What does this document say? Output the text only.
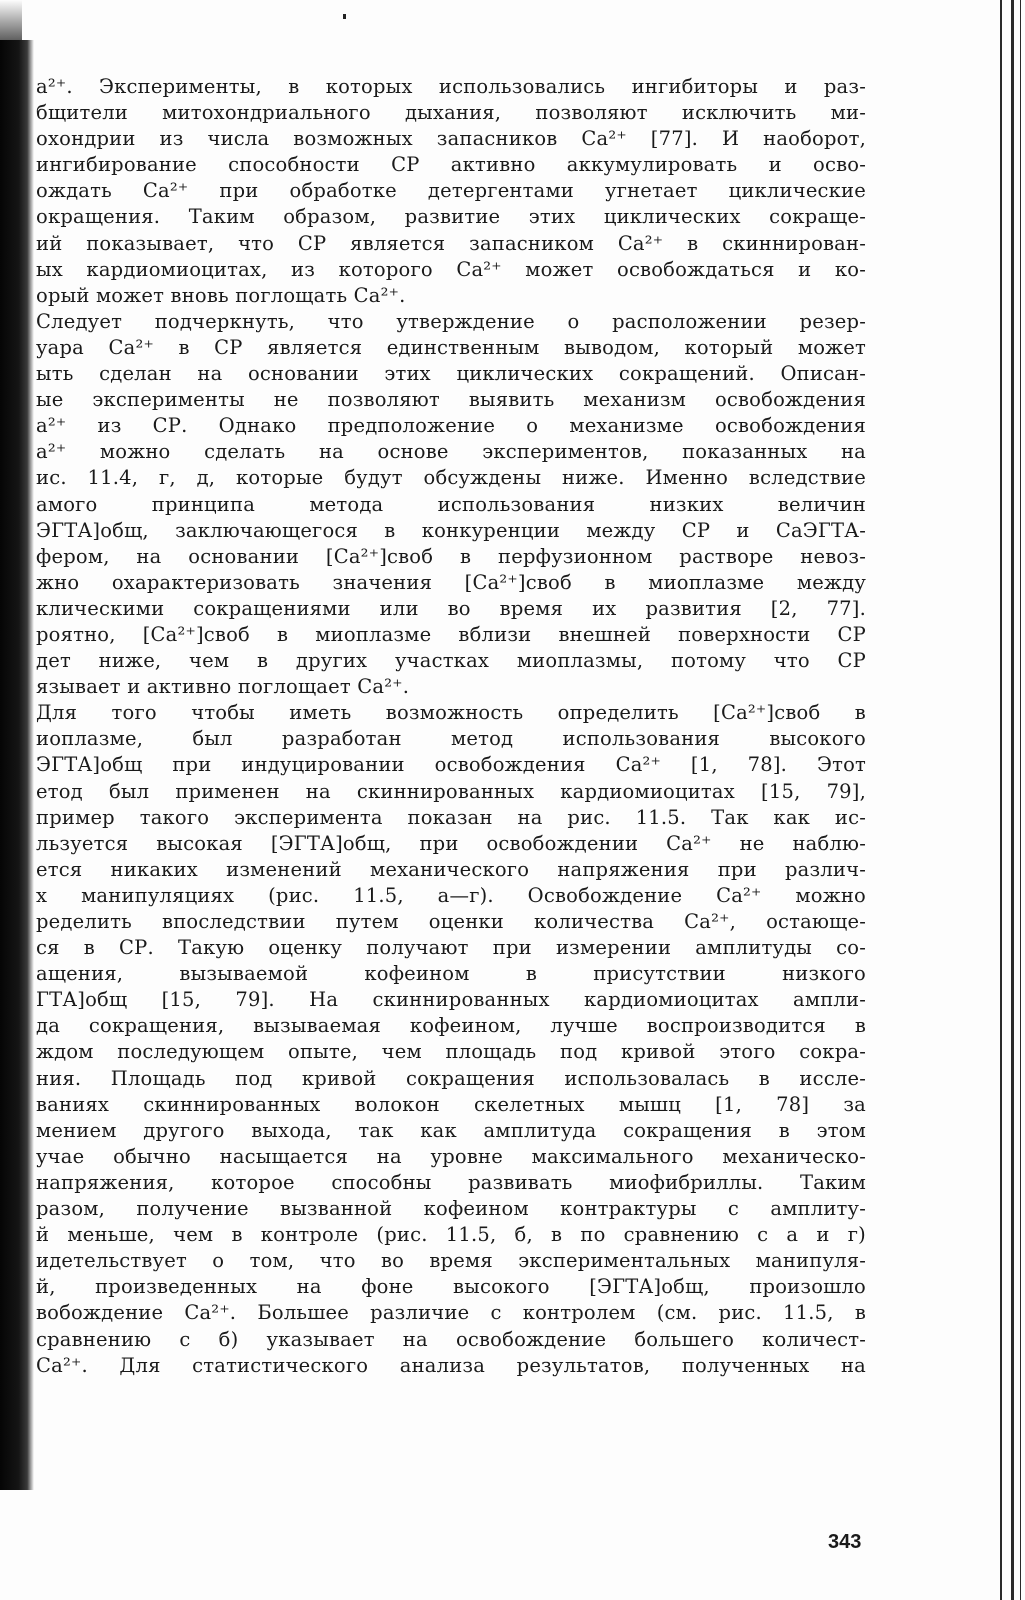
а²⁺. Эксперименты, в которых использовались ингибиторы и раз-
бщители митохондриального дыхания, позволяют исключить ми-
охондрии из числа возможных запасников Ca²⁺ [77]. И наоборот,
ингибирование способности СР активно аккумулировать и осво-
ождать Ca²⁺ при обработке детергентами угнетает циклические
окращения. Таким образом, развитие этих циклических сокраще-
ий показывает, что СР является запасником Ca²⁺ в скиннирован-
ых кардиомиоцитах, из которого Ca²⁺ может освобождаться и ко-
орый может вновь поглощать Ca²⁺.
Следует подчеркнуть, что утверждение о расположении резер-
уара Ca²⁺ в СР является единственным выводом, который может
ыть сделан на основании этих циклических сокращений. Описан-
ые эксперименты не позволяют выявить механизм освобождения
а²⁺ из СР. Однако предположение о механизме освобождения
а²⁺ можно сделать на основе экспериментов, показанных на
ис. 11.4, г, д, которые будут обсуждены ниже. Именно вследствие
амого принципа метода использования низких величин
ЭГТА]общ, заключающегося в конкуренции между СР и CaЭГТА-
фером, на основании [Ca²⁺]своб в перфузионном растворе невоз-
жно охарактеризовать значения [Ca²⁺]своб в миоплазме между
клическими сокращениями или во время их развития [2, 77].
роятно, [Ca²⁺]своб в миоплазме вблизи внешней поверхности СР
дет ниже, чем в других участках миоплазмы, потому что СР
язывает и активно поглощает Ca²⁺.
Для того чтобы иметь возможность определить [Ca²⁺]своб в
иоплазме, был разработан метод использования высокого
ЭГТА]общ при индуцировании освобождения Ca²⁺ [1, 78]. Этот
етод был применен на скиннированных кардиомиоцитах [15, 79],
пример такого эксперимента показан на рис. 11.5. Так как ис-
льзуется высокая [ЭГТА]общ, при освобождении Ca²⁺ не наблю-
ется никаких изменений механического напряжения при различ-
х манипуляциях (рис. 11.5, а—г). Освобождение Ca²⁺ можно
ределить впоследствии путем оценки количества Ca²⁺, остающе-
ся в СР. Такую оценку получают при измерении амплитуды со-
ащения, вызываемой кофеином в присутствии низкого
ГТА]общ [15, 79]. На скиннированных кардиомиоцитах ампли-
да сокращения, вызываемая кофеином, лучше воспроизводится в
ждом последующем опыте, чем площадь под кривой этого сокра-
ния. Площадь под кривой сокращения использовалась в иссле-
ваниях скиннированных волокон скелетных мышц [1, 78] за
мением другого выхода, так как амплитуда сокращения в этом
учае обычно насыщается на уровне максимального механическо-
напряжения, которое способны развивать миофибриллы. Таким
разом, получение вызванной кофеином контрактуры с амплиту-
й меньше, чем в контроле (рис. 11.5, б, в по сравнению с а и г)
идетельствует о том, что во время экспериментальных манипуля-
й, произведенных на фоне высокого [ЭГТА]общ, произошло
вобождение Ca²⁺. Большее различие с контролем (см. рис. 11.5, в
сравнению с б) указывает на освобождение большего количест-
Ca²⁺. Для статистического анализа результатов, полученных на
343
